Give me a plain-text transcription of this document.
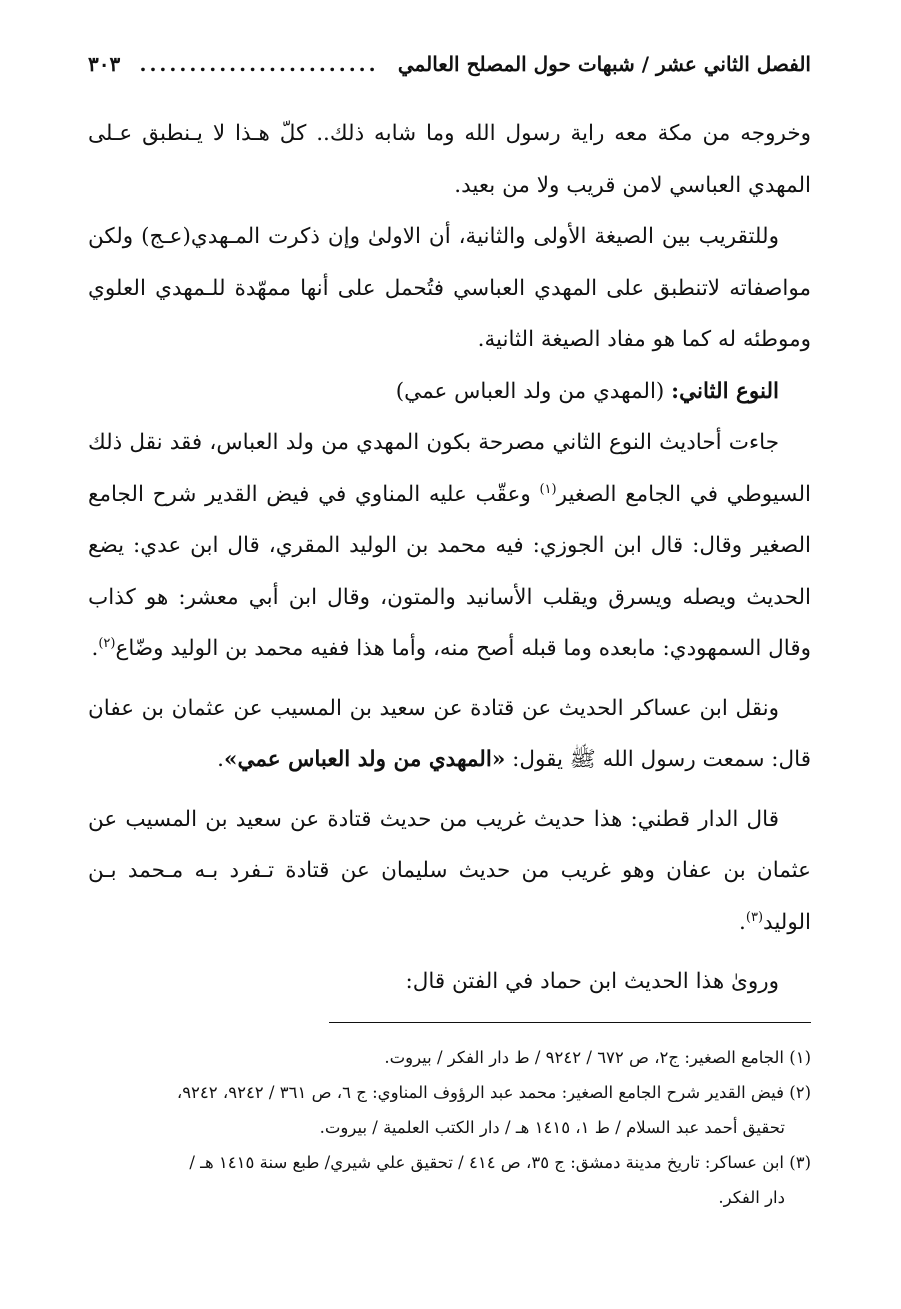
الفصل الثاني عشر / شبهات حول المصلح العالمي
........................
٣٠٣

وخروجه من مكة معه راية رسول الله وما شابه ذلك.. كلّ هـذا لا يـنطبق عـلى المهدي العباسي لامن قريب ولا من بعيد.

وللتقريب بين الصيغة الأولى والثانية، أن الاولىٰ وإن ذكرت المـهدي(عـج) ولكن مواصفاته لاتنطبق على المهدي العباسي فتُحمل على أنها ممهّدة للـمهدي العلوي وموطئه له كما هو مفاد الصيغة الثانية.

النوع الثاني: (المهدي من ولد العباس عمي)

جاءت أحاديث النوع الثاني مصرحة بكون المهدي من ولد العباس، فقد نقل ذلك السيوطي في الجامع الصغير$^{(١)}$ وعقّب عليه المناوي في فيض القدير شرح الجامع الصغير وقال: قال ابن الجوزي: فيه محمد بن الوليد المقري، قال ابن عدي: يضع الحديث ويصله ويسرق ويقلب الأسانيد والمتون، وقال ابن أبي معشر: هو كذاب وقال السمهودي: مابعده وما قبله أصح منه، وأما هذا ففيه محمد بن الوليد وضّاع$^{(٢)}$.

ونقل ابن عساكر الحديث عن قتادة عن سعيد بن المسيب عن عثمان بن عفان قال: سمعت رسول الله ﷺ يقول: «المهدي من ولد العباس عمي».

قال الدار قطني: هذا حديث غريب من حديث قتادة عن سعيد بن المسيب عن عثمان بن عفان وهو غريب من حديث سليمان عن قتادة تـفرد بـه مـحمد بـن الوليد$^{(٣)}$.

وروىٰ هذا الحديث ابن حماد في الفتن قال:

(١) الجامع الصغير: ج٢، ص ٦٧٢ / ٩٢٤٢ / ط دار الفكر / بيروت.

(٢) فيض القدير شرح الجامع الصغير: محمد عبد الرؤوف المناوي: ج ٦، ص ٣٦١ / ٩٢٤٢، ٩٢٤٢،

تحقيق أحمد عبد السلام / ط ١، ١٤١٥ هـ / دار الكتب العلمية / بيروت.

(٣) ابن عساكر: تاريخ مدينة دمشق: ج ٣٥، ص ٤١٤ / تحقيق علي شيري/ طبع سنة ١٤١٥ هـ /

دار الفكر.
